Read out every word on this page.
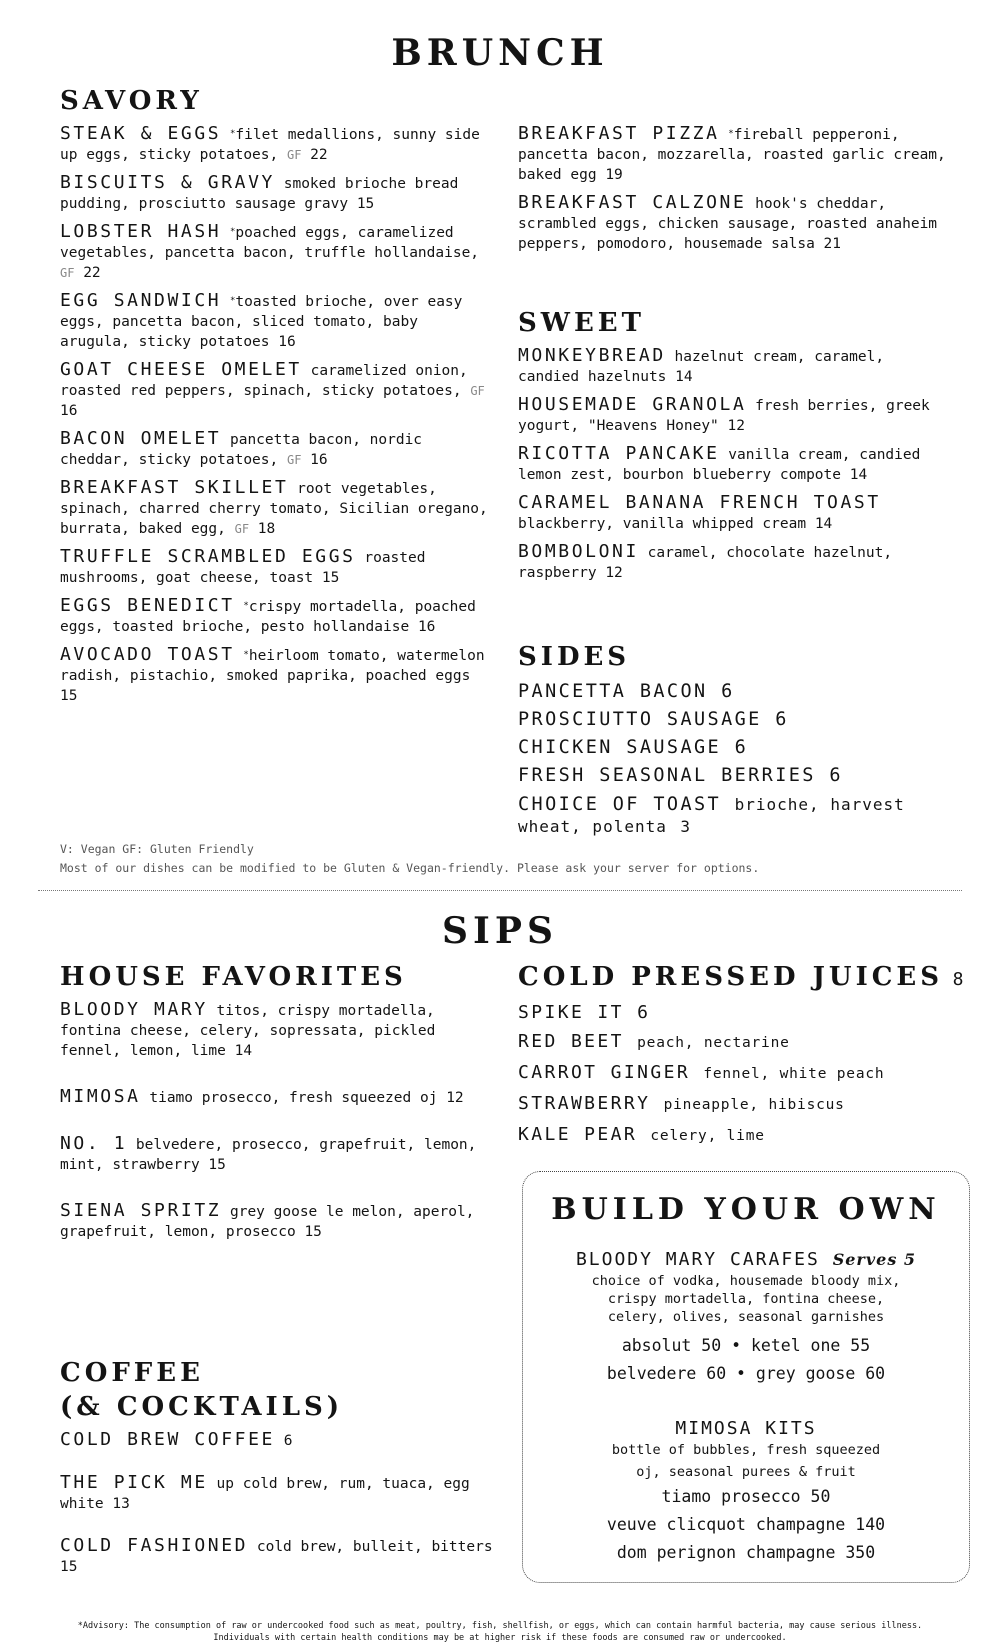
BRUNCH
SAVORY
STEAK & EGGS *filet medallions, sunny side up eggs, sticky potatoes, GF 22
BISCUITS & GRAVY smoked brioche bread pudding, prosciutto sausage gravy 15
LOBSTER HASH *poached eggs, caramelized vegetables, pancetta bacon, truffle hollandaise, GF 22
EGG SANDWICH *toasted brioche, over easy eggs, pancetta bacon, sliced tomato, baby arugula, sticky potatoes 16
GOAT CHEESE OMELET caramelized onion, roasted red peppers, spinach, sticky potatoes, GF 16
BACON OMELET pancetta bacon, nordic cheddar, sticky potatoes, GF 16
BREAKFAST SKILLET root vegetables, spinach, charred cherry tomato, Sicilian oregano, burrata, baked egg, GF 18
TRUFFLE SCRAMBLED EGGS roasted mushrooms, goat cheese, toast 15
EGGS BENEDICT *crispy mortadella, poached eggs, toasted brioche, pesto hollandaise 16
AVOCADO TOAST *heirloom tomato, watermelon radish, pistachio, smoked paprika, poached eggs 15
BREAKFAST PIZZA *fireball pepperoni, pancetta bacon, mozzarella, roasted garlic cream, baked egg 19
BREAKFAST CALZONE hook's cheddar, scrambled eggs, chicken sausage, roasted anaheim peppers, pomodoro, housemade salsa 21
SWEET
MONKEYBREAD hazelnut cream, caramel, candied hazelnuts 14
HOUSEMADE GRANOLA fresh berries, greek yogurt, "Heavens Honey" 12
RICOTTA PANCAKE vanilla cream, candied lemon zest, bourbon blueberry compote 14
CARAMEL BANANA FRENCH TOAST blackberry, vanilla whipped cream 14
BOMBOLONI caramel, chocolate hazelnut, raspberry 12
SIDES
PANCETTA BACON 6
PROSCIUTTO SAUSAGE 6
CHICKEN SAUSAGE 6
FRESH SEASONAL BERRIES 6
CHOICE OF TOAST brioche, harvest wheat, polenta 3
V: Vegan GF: Gluten Friendly
Most of our dishes can be modified to be Gluten & Vegan-friendly. Please ask your server for options.
SIPS
HOUSE FAVORITES
BLOODY MARY titos, crispy mortadella, fontina cheese, celery, sopressata, pickled fennel, lemon, lime 14
MIMOSA tiamo prosecco, fresh squeezed oj 12
NO. 1 belvedere, prosecco, grapefruit, lemon, mint, strawberry 15
SIENA SPRITZ grey goose le melon, aperol, grapefruit, lemon, prosecco 15
COFFEE
(& COCKTAILS)
COLD BREW COFFEE 6
THE PICK ME up cold brew, rum, tuaca, egg white 13
COLD FASHIONED cold brew, bulleit, bitters 15
COLD PRESSED JUICES 8
SPIKE IT 6
RED BEET peach, nectarine
CARROT GINGER fennel, white peach
STRAWBERRY pineapple, hibiscus
KALE PEAR celery, lime
BUILD YOUR OWN
BLOODY MARY CARAFES Serves 5
choice of vodka, housemade bloody mix, crispy mortadella, fontina cheese, celery, olives, seasonal garnishes
absolut 50 • ketel one 55
belvedere 60 • grey goose 60
MIMOSA KITS
bottle of bubbles, fresh squeezed oj, seasonal purees & fruit
tiamo prosecco 50
veuve clicquot champagne 140
dom perignon champagne 350
*Advisory: The consumption of raw or undercooked food such as meat, poultry, fish, shellfish, or eggs, which can contain harmful bacteria, may cause serious illness. Individuals with certain health conditions may be at higher risk if these foods are consumed raw or undercooked.
